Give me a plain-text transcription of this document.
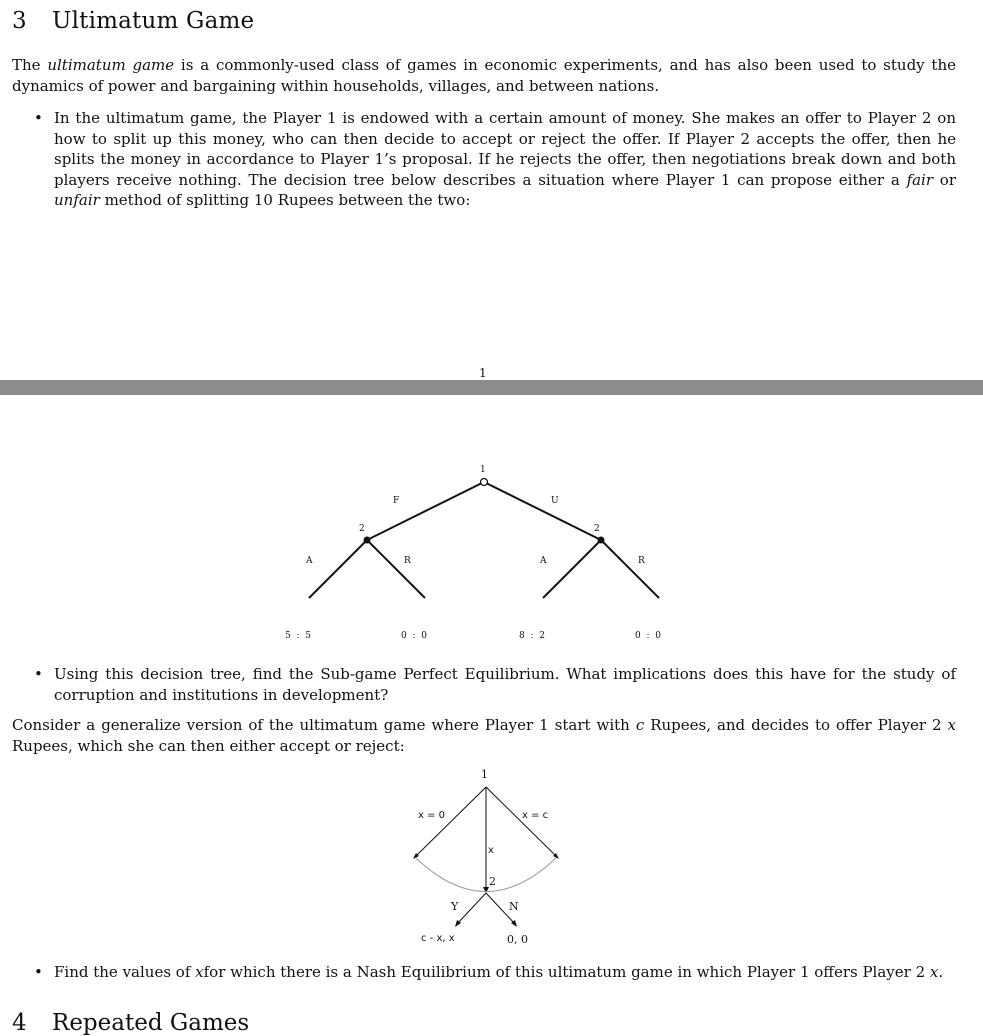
3 Ultimatum Game
The ultimatum game is a commonly-used class of games in economic experiments, and has also been used to study the dynamics of power and bargaining within households, villages, and between nations.
• In the ultimatum game, the Player 1 is endowed with a certain amount of money. She makes an offer to Player 2 on how to split up this money, who can then decide to accept or reject the offer. If Player 2 accepts the offer, then he splits the money in accordance to Player 1’s proposal. If he rejects the offer, then negotiations break down and both players receive nothing. The decision tree below describes a situation where Player 1 can propose either a fair or unfair method of splitting 10 Rupees between the two:
1
1
F	U
2	2
A	R	A	R
5  :  5	0  :  0	8  :  2	0  :  0
1
x = 0	x = c
x
2
Y	N
c - x, x	0, 0
• Using this decision tree, find the Sub-game Perfect Equilibrium. What implications does this have for the study of corruption and institutions in development?
Consider a generalize version of the ultimatum game where Player 1 start with c Rupees, and decides to offer Player 2 x Rupees, which she can then either accept or reject:
• Find the values of xfor which there is a Nash Equilibrium of this ultimatum game in which Player 1 offers Player 2 x.
4 Repeated Games
